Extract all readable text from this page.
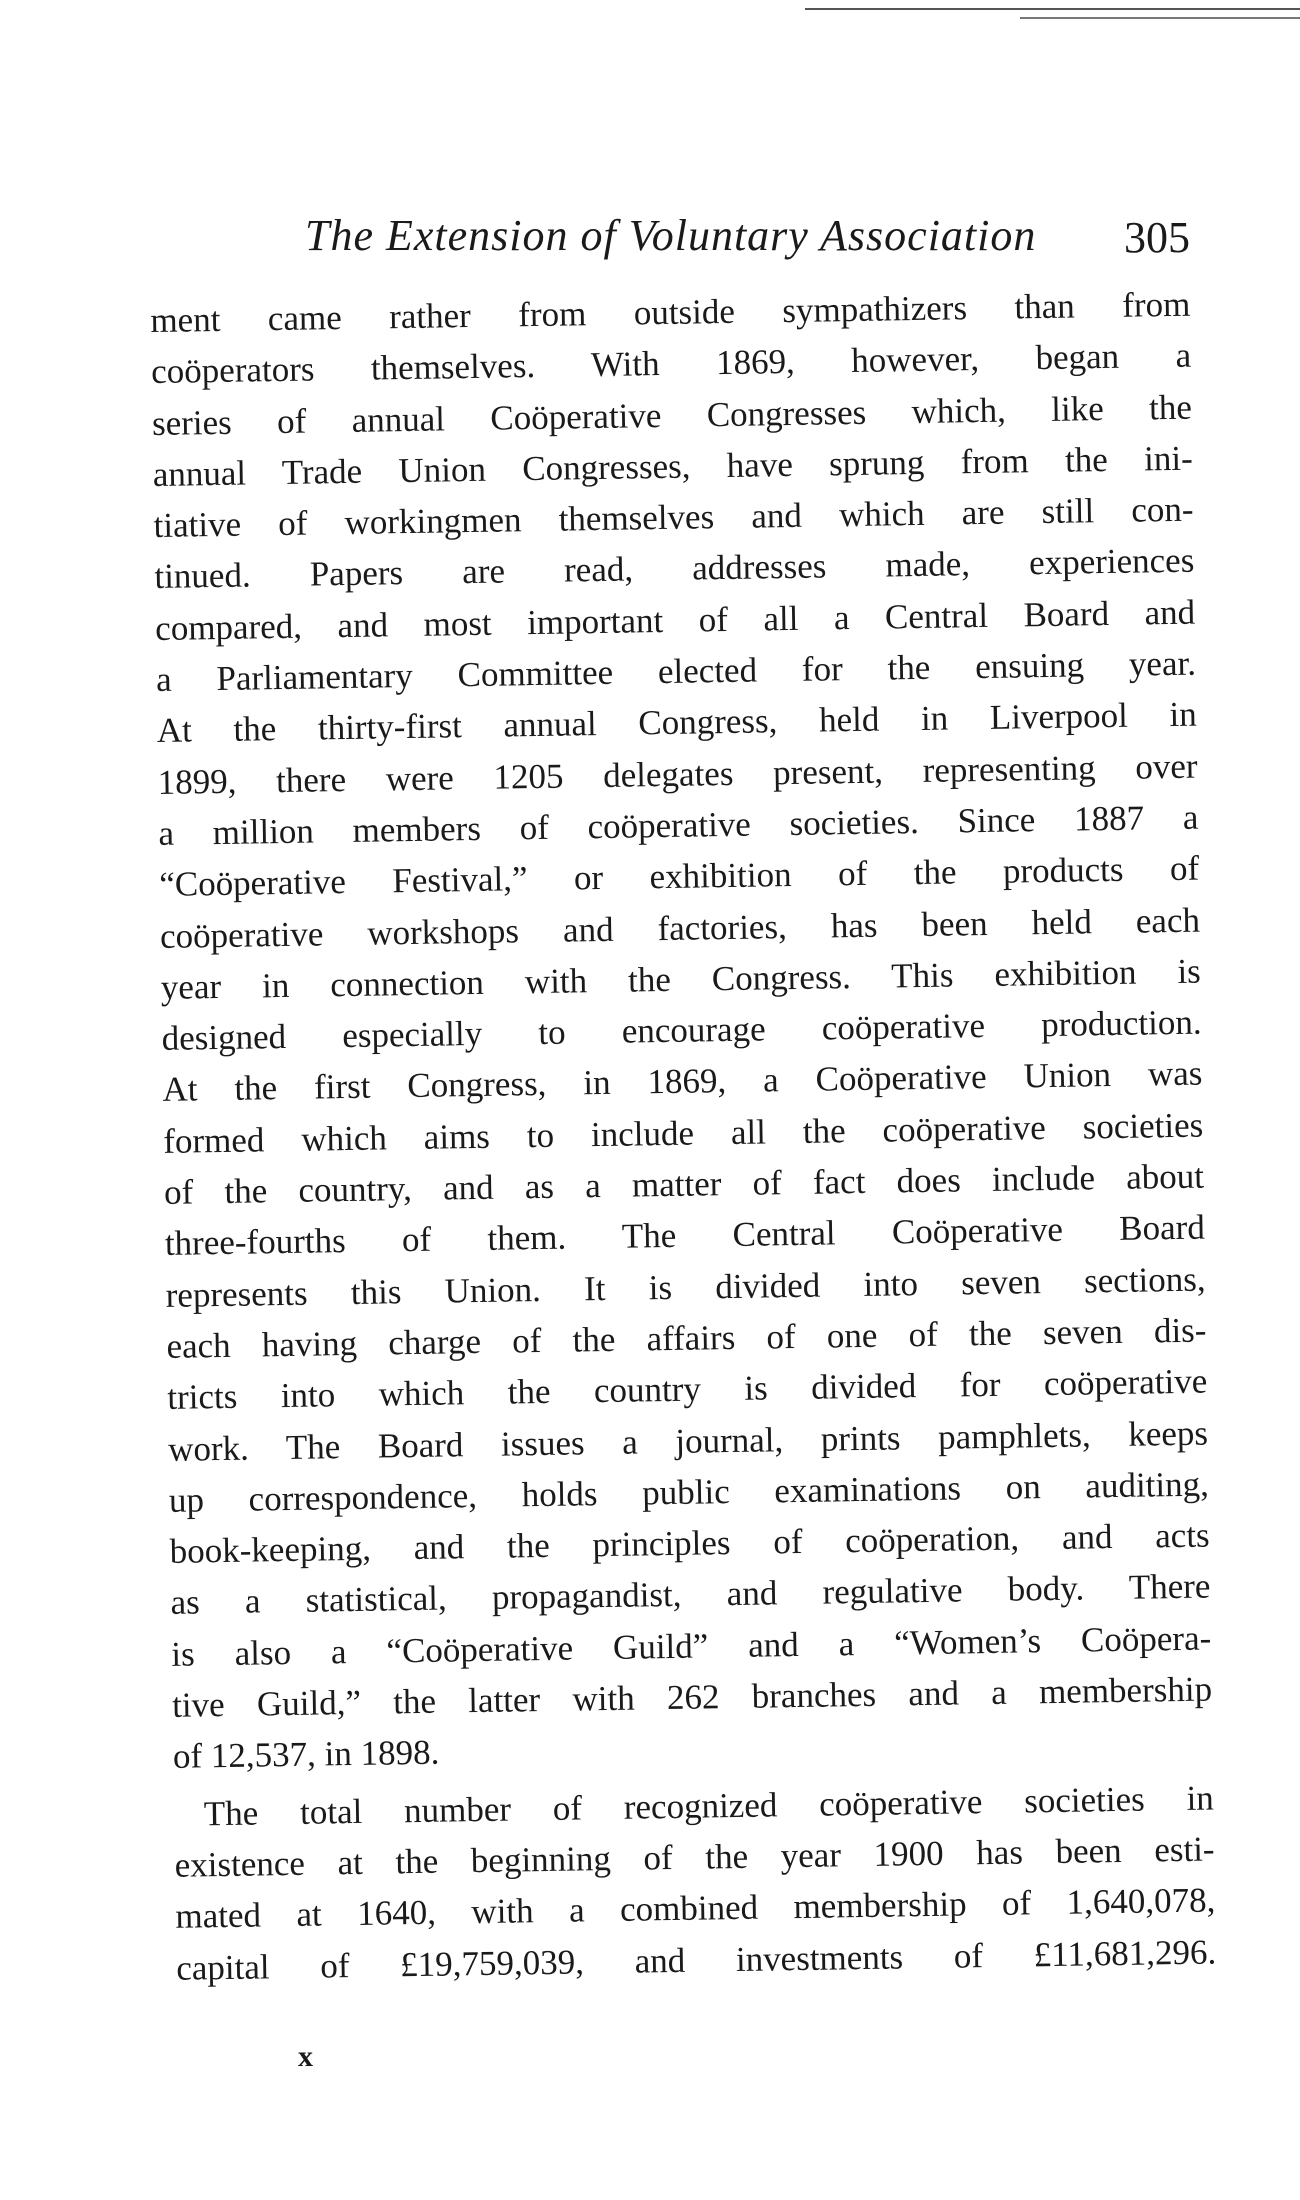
The Extension of Voluntary Association 305
ment came rather from outside sympathizers than from
coöperators themselves. With 1869, however, began a
series of annual Coöperative Congresses which, like the
annual Trade Union Congresses, have sprung from the ini-
tiative of workingmen themselves and which are still con-
tinued. Papers are read, addresses made, experiences
compared, and most important of all a Central Board and
a Parliamentary Committee elected for the ensuing year.
At the thirty-first annual Congress, held in Liverpool in
1899, there were 1205 delegates present, representing over
a million members of coöperative societies. Since 1887 a
“Coöperative Festival,” or exhibition of the products of
coöperative workshops and factories, has been held each
year in connection with the Congress. This exhibition is
designed especially to encourage coöperative production.
At the first Congress, in 1869, a Coöperative Union was
formed which aims to include all the coöperative societies
of the country, and as a matter of fact does include about
three-fourths of them. The Central Coöperative Board
represents this Union. It is divided into seven sections,
each having charge of the affairs of one of the seven dis-
tricts into which the country is divided for coöperative
work. The Board issues a journal, prints pamphlets, keeps
up correspondence, holds public examinations on auditing,
book-keeping, and the principles of coöperation, and acts
as a statistical, propagandist, and regulative body. There
is also a “Coöperative Guild” and a “Women’s Coöpera-
tive Guild,” the latter with 262 branches and a membership
of 12,537, in 1898.
The total number of recognized coöperative societies in
existence at the beginning of the year 1900 has been esti-
mated at 1640, with a combined membership of 1,640,078,
capital of £19,759,039, and investments of £11,681,296.
x
